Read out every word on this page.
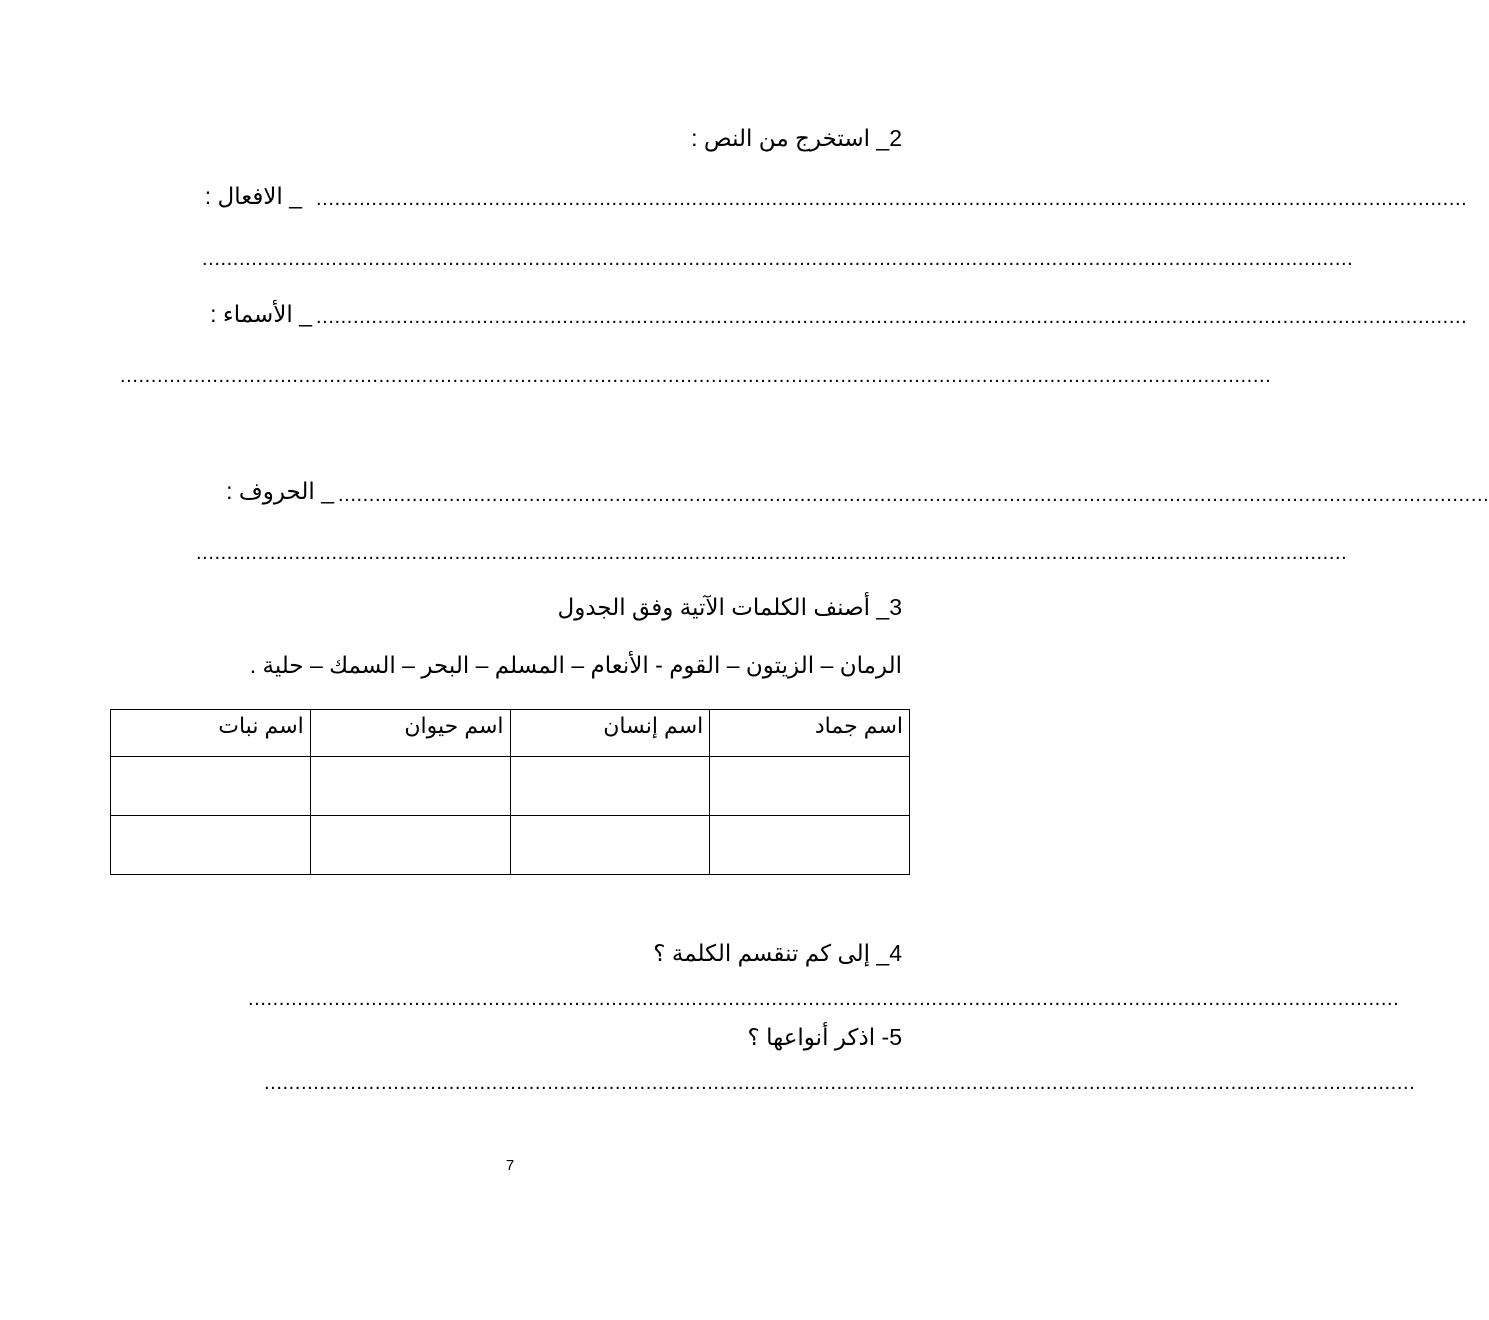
2_ استخرج من النص :
_ الافعال : ...........................................................................................................................................................................................
...........................................................................................................................................................................................
_ الأسماء : ...........................................................................................................................................................................................
...........................................................................................................................................................................................
_ الحروف : ...........................................................................................................................................................................................
...........................................................................................................................................................................................
3_ أصنف الكلمات الآتية وفق الجدول
الرمان – الزيتون – القوم - الأنعام – المسلم – البحر – السمك – حلية .
اسم نبات	اسم حيوان	اسم إنسان	اسم جماد

4_ إلى كم تنقسم الكلمة ؟
...........................................................................................................................................................................................
5- اذكر أنواعها ؟
...........................................................................................................................................................................................
7
